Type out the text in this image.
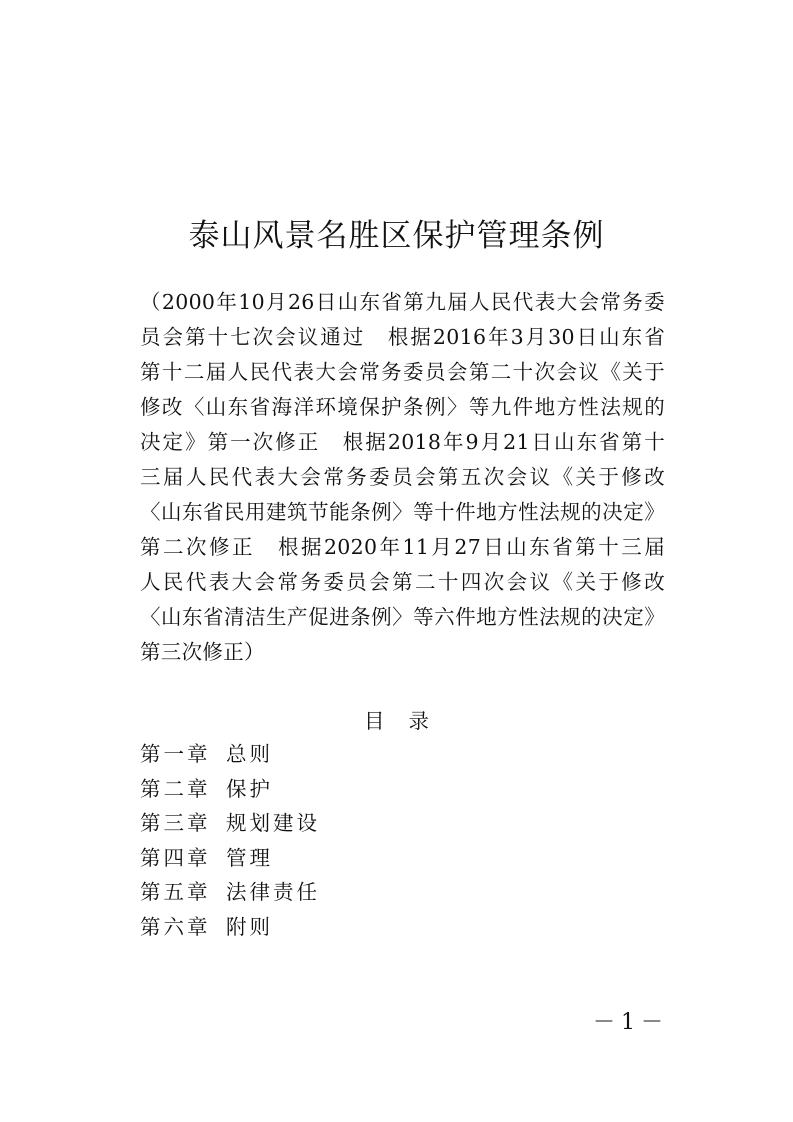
泰山风景名胜区保护管理条例
（2000年10月26日山东省第九届人民代表大会常务委
员会第十七次会议通过　根据2016年3月30日山东省
第十二届人民代表大会常务委员会第二十次会议《关于
修改〈山东省海洋环境保护条例〉等九件地方性法规的
决定》第一次修正　根据2018年9月21日山东省第十
三届人民代表大会常务委员会第五次会议《关于修改
〈山东省民用建筑节能条例〉等十件地方性法规的决定》
第二次修正　根据2020年11月27日山东省第十三届
人民代表大会常务委员会第二十四次会议《关于修改
〈山东省清洁生产促进条例〉等六件地方性法规的决定》
第三次修正）
目录
第一章 总则
第二章 保护
第三章 规划建设
第四章 管理
第五章 法律责任
第六章 附则
－1－
